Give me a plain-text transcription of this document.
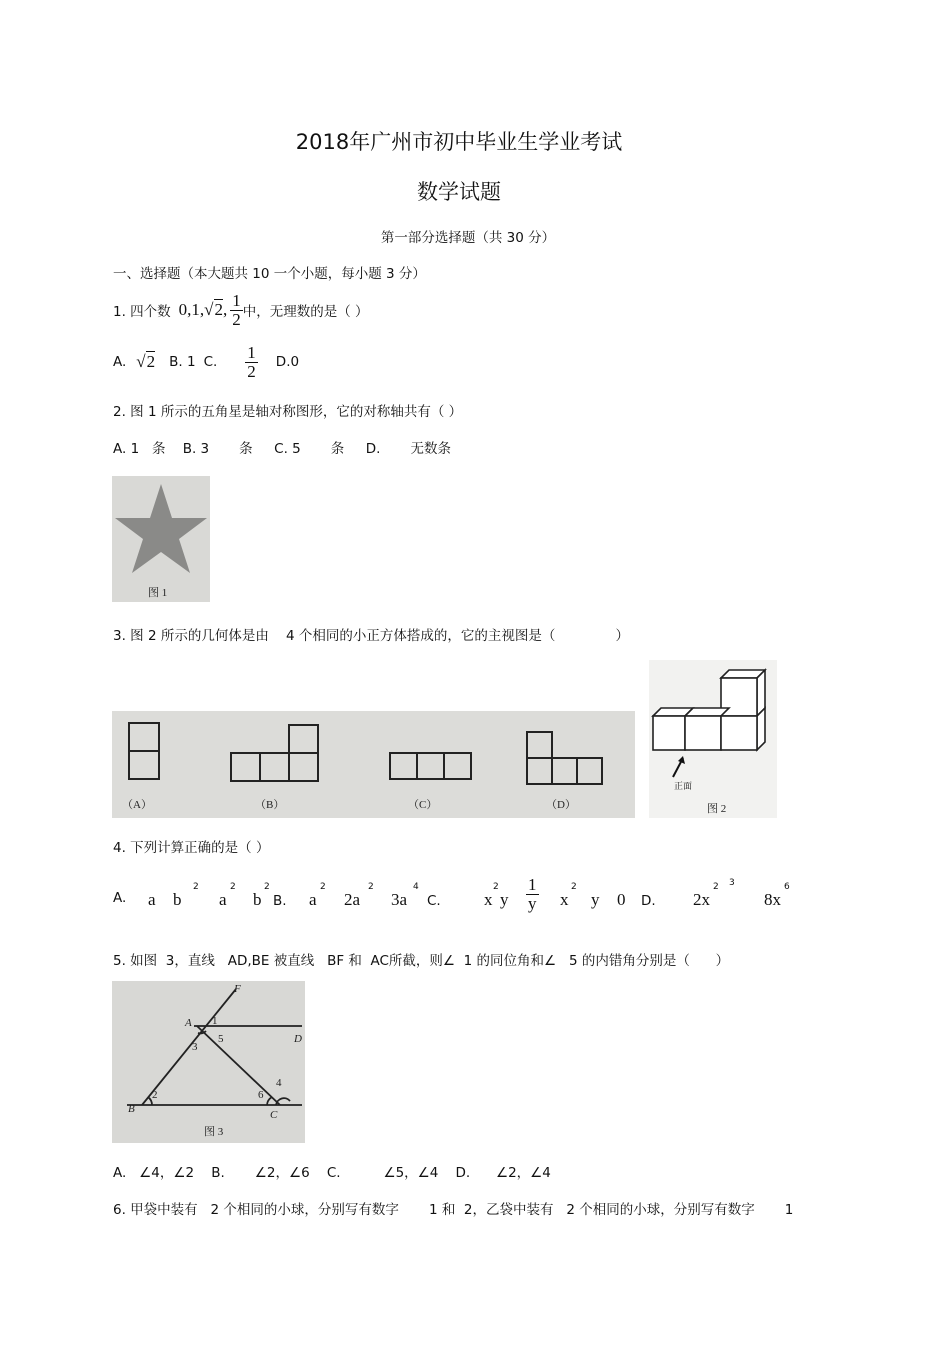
2018年广州市初中毕业生学业考试
数学试题
第一部分选择题（共 30 分）
一、选择题（本大题共 10 一个小题，每小题 3 分）
1. 四个数 0,1, √2, $\frac{1}{2}$ 中，无理数的是（ ）
A. √2 B. 1 C. $\frac{1}{2} D.0$
2. 图 1 所示的五角星是轴对称图形，它的对称轴共有（ ）
A. 1   条    B. 3       条     C. 5       条     D.       无数条
图 1
3. 图 2 所示的几何体是由    4 个相同的小正方体搭成的，它的主视图是（              ）
（A）	（B）	（C）	（D）
正面
图 2
4. 下列计算正确的是（ ）
A. a b
2
a
2
b
2
B. a
2
2a
2
3a
4
C.	x
2
y $\frac{1}{y}$ x
2
y 0 D. 2x
2 3
8x
6
5. 如图  3，直线   AD,BE 被直线   BF 和  AC所截，则∠  1 的同位角和∠   5 的内错角分别是（      ）
F
A
D
B	C
1
3
5
2	6
4
图 3
A.   ∠4，∠2    B.       ∠2，∠6    C.          ∠5，∠4    D.      ∠2，∠4
6. 甲袋中装有   2 个相同的小球，分别写有数字       1 和  2，乙袋中装有   2 个相同的小球，分别写有数字       1
